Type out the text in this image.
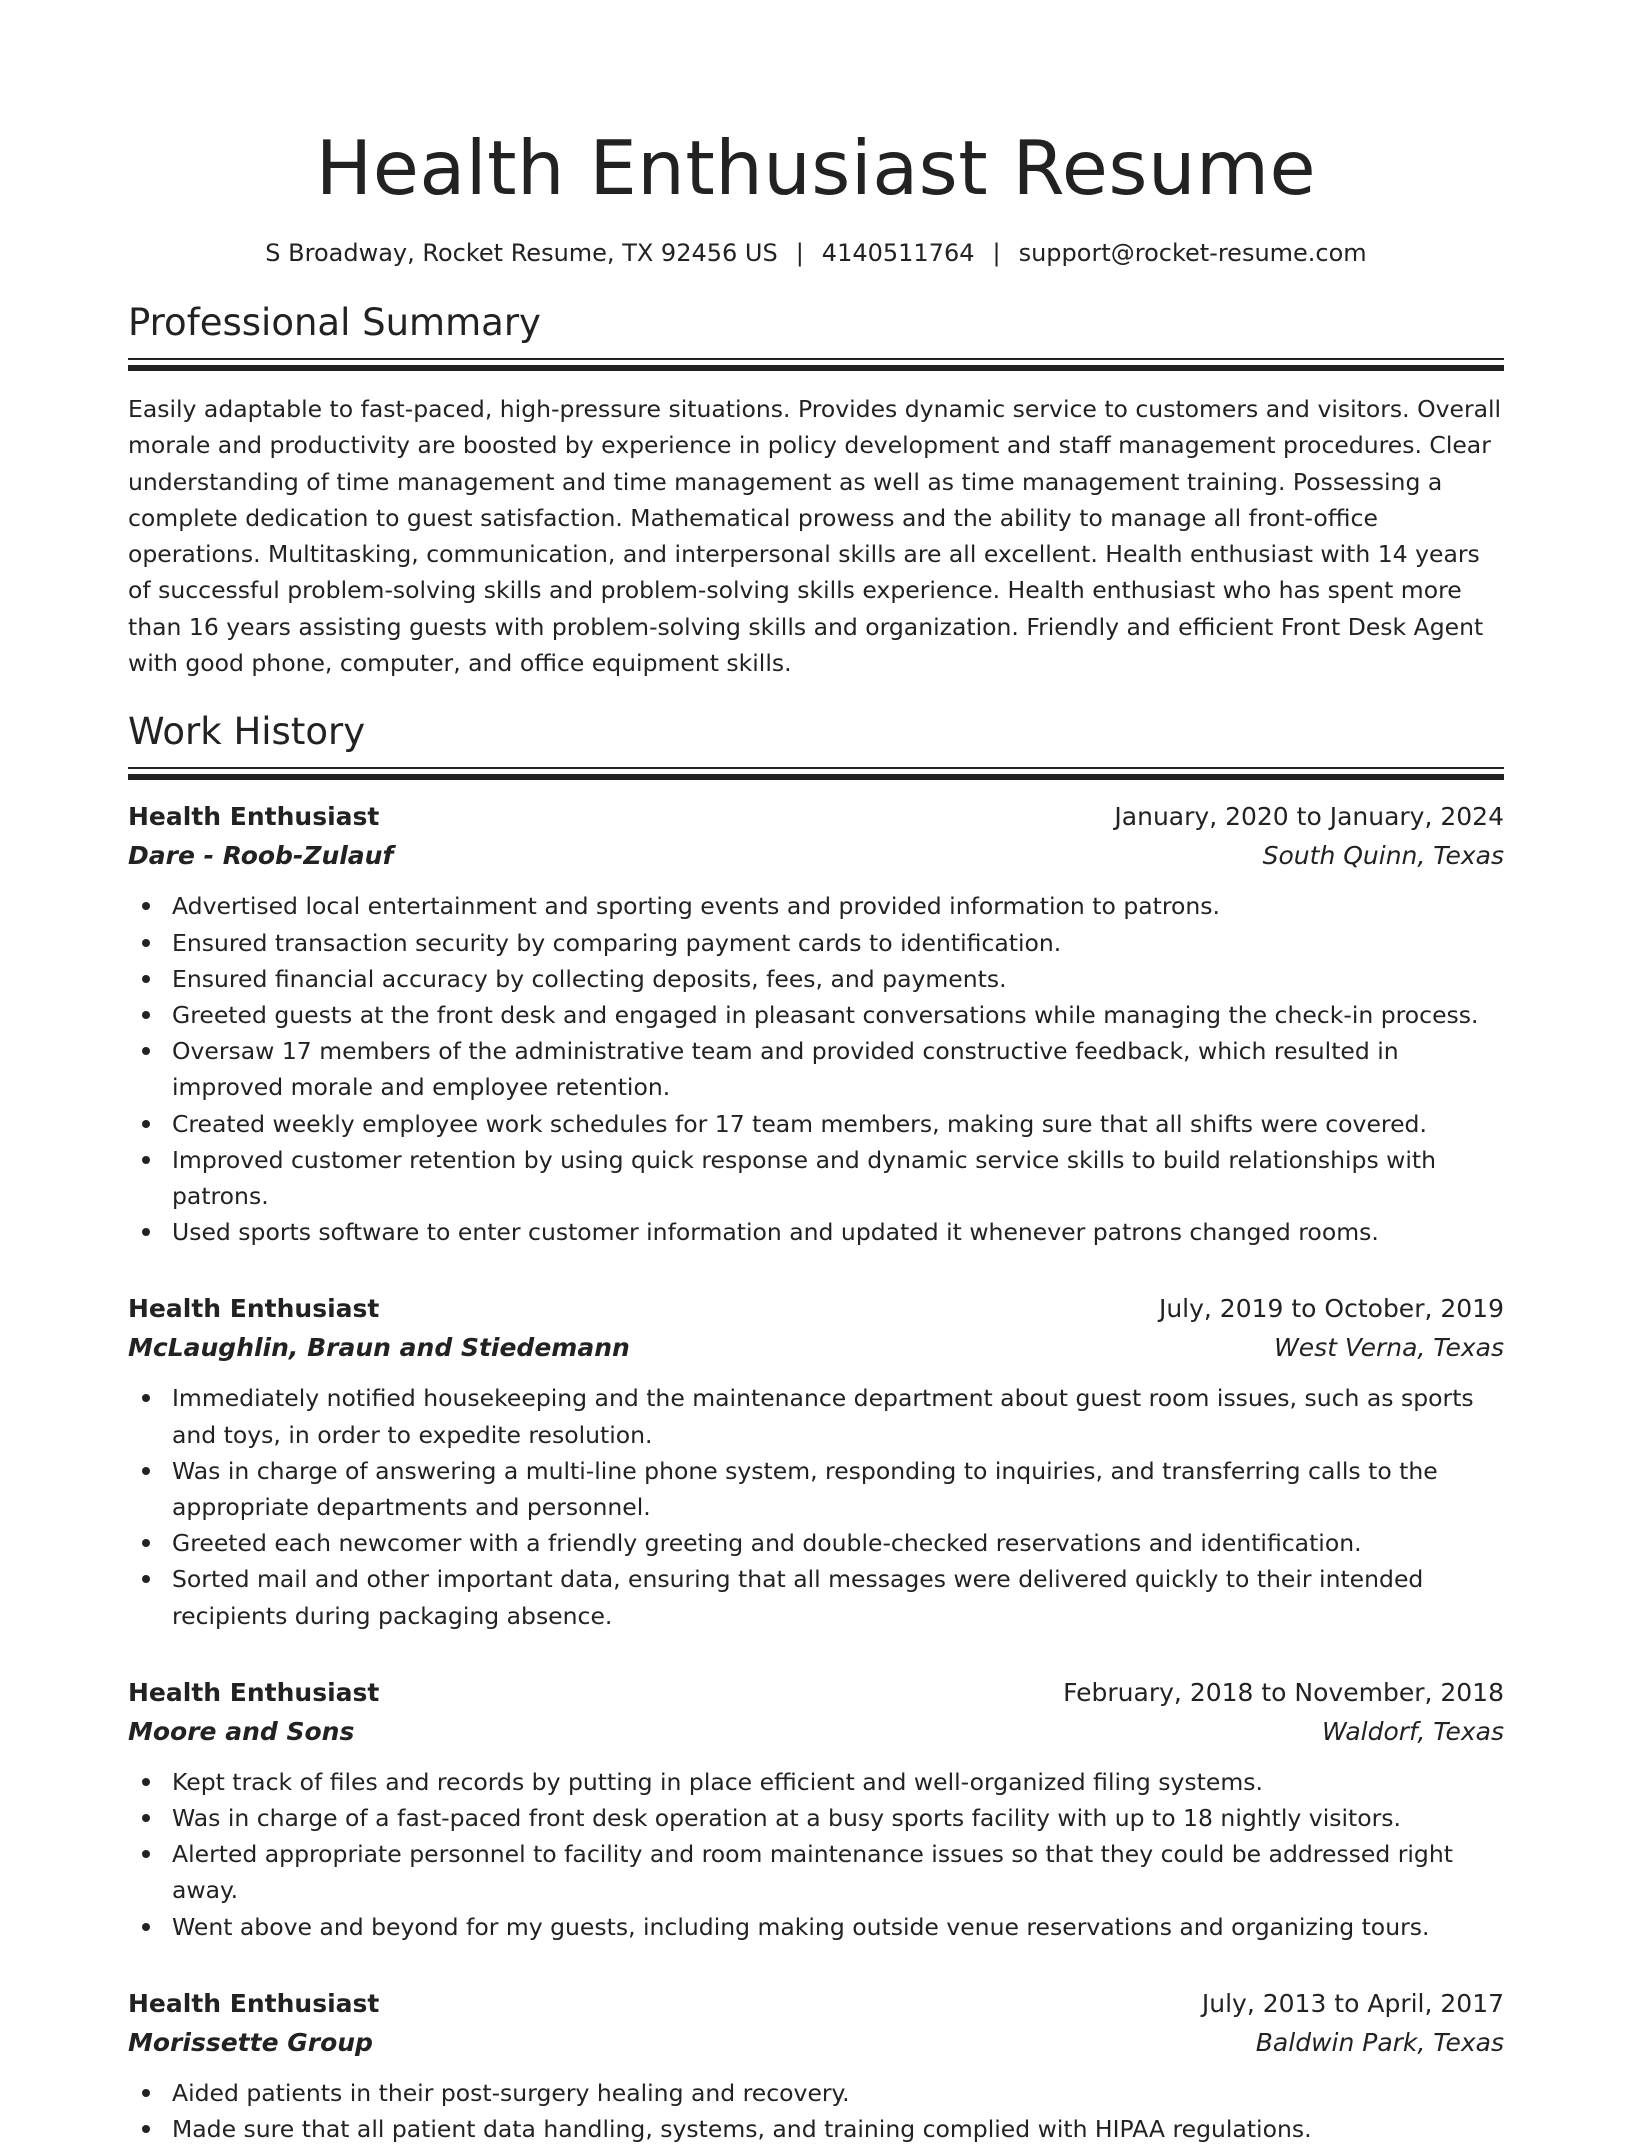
Health Enthusiast Resume
S Broadway, Rocket Resume, TX 92456 US | 4140511764 | support@rocket-resume.com
Professional Summary

Easily adaptable to fast-paced, high-pressure situations. Provides dynamic service to customers and visitors. Overall morale and productivity are boosted by experience in policy development and staff management procedures. Clear understanding of time management and time management as well as time management training. Possessing a complete dedication to guest satisfaction. Mathematical prowess and the ability to manage all front-office operations. Multitasking, communication, and interpersonal skills are all excellent. Health enthusiast with 14 years of successful problem-solving skills and problem-solving skills experience. Health enthusiast who has spent more than 16 years assisting guests with problem-solving skills and organization. Friendly and efficient Front Desk Agent with good phone, computer, and office equipment skills.

Work History
Health Enthusiast	January, 2020 to January, 2024
Dare - Roob-Zulauf	South Quinn, Texas
Advertised local entertainment and sporting events and provided information to patrons.
Ensured transaction security by comparing payment cards to identification.
Ensured financial accuracy by collecting deposits, fees, and payments.
Greeted guests at the front desk and engaged in pleasant conversations while managing the check-in process.
Oversaw 17 members of the administrative team and provided constructive feedback, which resulted in improved morale and employee retention.
Created weekly employee work schedules for 17 team members, making sure that all shifts were covered.
Improved customer retention by using quick response and dynamic service skills to build relationships with patrons.
Used sports software to enter customer information and updated it whenever patrons changed rooms.
Health Enthusiast	July, 2019 to October, 2019
McLaughlin, Braun and Stiedemann	West Verna, Texas
Immediately notified housekeeping and the maintenance department about guest room issues, such as sports and toys, in order to expedite resolution.
Was in charge of answering a multi-line phone system, responding to inquiries, and transferring calls to the appropriate departments and personnel.
Greeted each newcomer with a friendly greeting and double-checked reservations and identification.
Sorted mail and other important data, ensuring that all messages were delivered quickly to their intended recipients during packaging absence.
Health Enthusiast	February, 2018 to November, 2018
Moore and Sons	Waldorf, Texas
Kept track of files and records by putting in place efficient and well-organized filing systems.
Was in charge of a fast-paced front desk operation at a busy sports facility with up to 18 nightly visitors.
Alerted appropriate personnel to facility and room maintenance issues so that they could be addressed right away.
Went above and beyond for my guests, including making outside venue reservations and organizing tours.
Health Enthusiast	July, 2013 to April, 2017
Morissette Group	Baldwin Park, Texas
Aided patients in their post-surgery healing and recovery.
Made sure that all patient data handling, systems, and training complied with HIPAA regulations.
